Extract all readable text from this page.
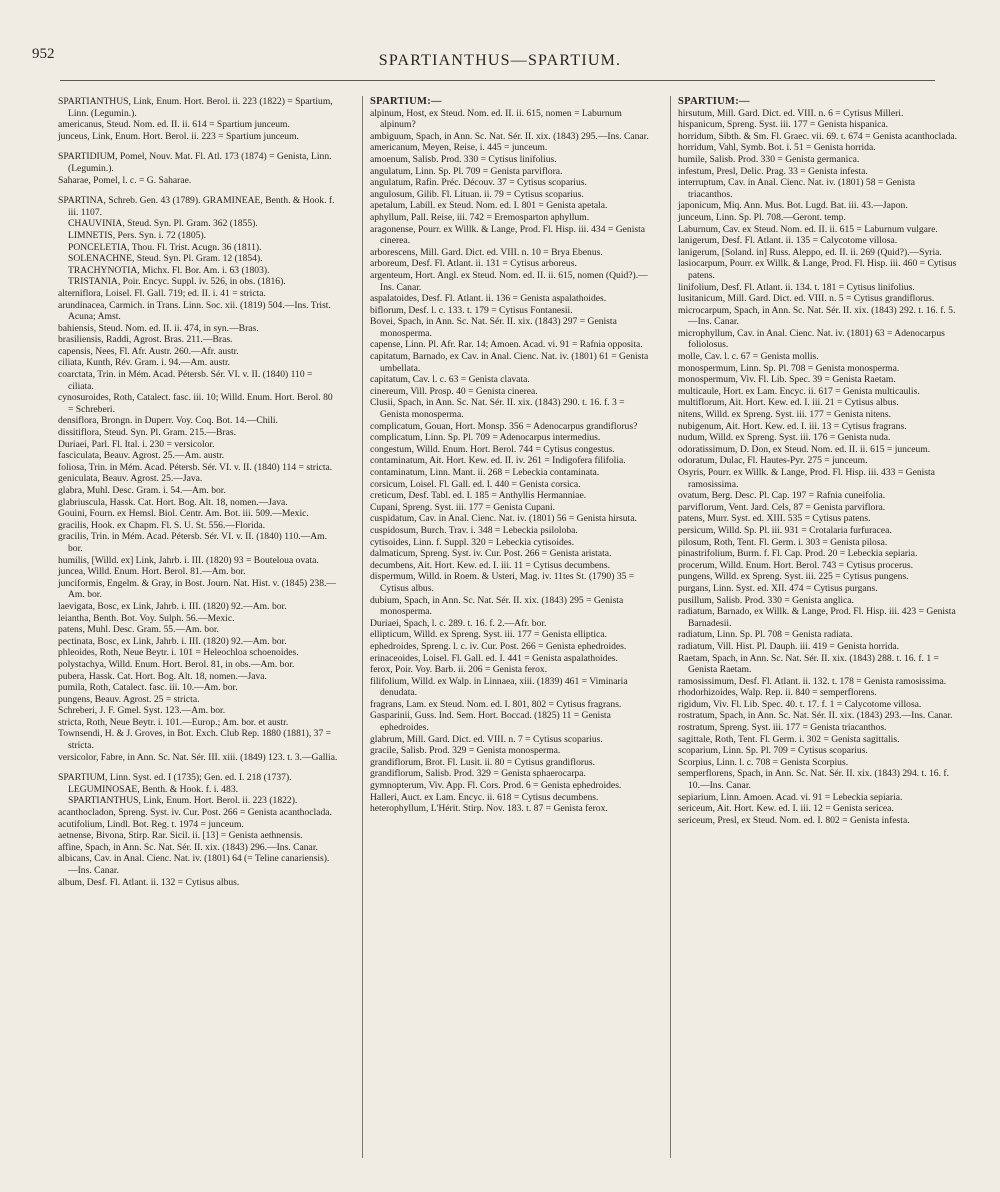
952	SPARTIANTHUS—SPARTIUM.

SPARTIANTHUS, Link, Enum. Hort. Berol. ii. 223 (1822) = Spartium, Linn. (Legumin.).

americanus, Steud. Nom. ed. II. ii. 614 = Spartium junceum.

junceus, Link, Enum. Hort. Berol. ii. 223 = Spartium junceum.

SPARTIDIUM, Pomel, Nouv. Mat. Fl. Atl. 173 (1874) = Genista, Linn. (Legumin.).

Saharae, Pomel, l. c. = G. Saharae.

SPARTINA, Schreb. Gen. 43 (1789). GRAMINEAE, Benth. & Hook. f. iii. 1107.

CHAUVINIA, Steud. Syn. Pl. Gram. 362 (1855).

LIMNETIS, Pers. Syn. i. 72 (1805).

PONCELETIA, Thou. Fl. Trist. Acugn. 36 (1811).

SOLENACHNE, Steud. Syn. Pl. Gram. 12 (1854).

TRACHYNOTIA, Michx. Fl. Bor. Am. i. 63 (1803).

TRISTANIA, Poir. Encyc. Suppl. iv. 526, in obs. (1816).

alterniflora, Loisel. Fl. Gall. 719; ed. II. i. 41 = stricta.

arundinacea, Carmich. in Trans. Linn. Soc. xii. (1819) 504.—Ins. Trist. Acuna; Amst.

bahiensis, Steud. Nom. ed. II. ii. 474, in syn.—Bras.

brasiliensis, Raddi, Agrost. Bras. 211.—Bras.

capensis, Nees, Fl. Afr. Austr. 260.—Afr. austr.

ciliata, Kunth, Rév. Gram. i. 94.—Am. austr.

coarctata, Trin. in Mém. Acad. Pétersb. Sér. VI. v. II. (1840) 110 = ciliata.

cynosuroides, Roth, Catalect. fasc. iii. 10; Willd. Enum. Hort. Berol. 80 = Schreberi.

densiflora, Brongn. in Duperr. Voy. Coq. Bot. 14.—Chili.

dissitiflora, Steud. Syn. Pl. Gram. 215.—Bras.

Duriaei, Parl. Fl. Ital. i. 230 = versicolor.

fasciculata, Beauv. Agrost. 25.—Am. austr.

foliosa, Trin. in Mém. Acad. Pétersb. Sér. VI. v. II. (1840) 114 = stricta.

geniculata, Beauv. Agrost. 25.—Java.

glabra, Muhl. Desc. Gram. i. 54.—Am. bor.

glabriuscula, Hassk. Cat. Hort. Bog. Alt. 18, nomen.—Java.

Gouini, Fourn. ex Hemsl. Biol. Centr. Am. Bot. iii. 509.—Mexic.

gracilis, Hook. ex Chapm. Fl. S. U. St. 556.—Florida.

gracilis, Trin. in Mém. Acad. Pétersb. Sér. VI. v. II. (1840) 110.—Am. bor.

humilis, [Willd. ex] Link, Jahrb. i. III. (1820) 93 = Bouteloua ovata.

juncea, Willd. Enum. Hort. Berol. 81.—Am. bor.

junciformis, Engelm. & Gray, in Bost. Journ. Nat. Hist. v. (1845) 238.—Am. bor.

laevigata, Bosc, ex Link, Jahrb. i. III. (1820) 92.—Am. bor.

leiantha, Benth. Bot. Voy. Sulph. 56.—Mexic.

patens, Muhl. Desc. Gram. 55.—Am. bor.

pectinata, Bosc, ex Link, Jahrb. i. III. (1820) 92.—Am. bor.

phleoides, Roth, Neue Beytr. i. 101 = Heleochloa schoenoides.

polystachya, Willd. Enum. Hort. Berol. 81, in obs.—Am. bor.

pubera, Hassk. Cat. Hort. Bog. Alt. 18, nomen.—Java.

pumila, Roth, Catalect. fasc. iii. 10.—Am. bor.

pungens, Beauv. Agrost. 25 = stricta.

Schreberi, J. F. Gmel. Syst. 123.—Am. bor.

stricta, Roth, Neue Beytr. i. 101.—Europ.; Am. bor. et austr.

Townsendi, H. & J. Groves, in Bot. Exch. Club Rep. 1880 (1881), 37 = stricta.

versicolor, Fabre, in Ann. Sc. Nat. Sér. III. xiii. (1849) 123. t. 3.—Gallia.

SPARTIUM, Linn. Syst. ed. I (1735); Gen. ed. I. 218 (1737). LEGUMINOSAE, Benth. & Hook. f. i. 483.

SPARTIANTHUS, Link, Enum. Hort. Berol. ii. 223 (1822).

acanthocladon, Spreng. Syst. iv. Cur. Post. 266 = Genista acanthoclada.

acutifolium, Lindl. Bot. Reg. t. 1974 = junceum.

aetnense, Bivona, Stirp. Rar. Sicil. ii. [13] = Genista aethnensis.

affine, Spach, in Ann. Sc. Nat. Sér. II. xix. (1843) 296.—Ins. Canar.

albicans, Cav. in Anal. Cienc. Nat. iv. (1801) 64 (= Teline canariensis).—Ins. Canar.

album, Desf. Fl. Atlant. ii. 132 = Cytisus albus.

SPARTIUM:—

alpinum, Host, ex Steud. Nom. ed. II. ii. 615, nomen = Laburnum alpinum?

ambiguum, Spach, in Ann. Sc. Nat. Sér. II. xix. (1843) 295.—Ins. Canar.

americanum, Meyen, Reise, i. 445 = junceum.

amoenum, Salisb. Prod. 330 = Cytisus linifolius.

angulatum, Linn. Sp. Pl. 709 = Genista parviflora.

angulatum, Rafin. Préc. Découv. 37 = Cytisus scoparius.

angulosum, Gilib. Fl. Lituan. ii. 79 = Cytisus scoparius.

apetalum, Labill. ex Steud. Nom. ed. I. 801 = Genista apetala.

aphyllum, Pall. Reise, iii. 742 = Eremosparton aphyllum.

aragonense, Pourr. ex Willk. & Lange, Prod. Fl. Hisp. iii. 434 = Genista cinerea.

arborescens, Mill. Gard. Dict. ed. VIII. n. 10 = Brya Ebenus.

arboreum, Desf. Fl. Atlant. ii. 131 = Cytisus arboreus.

argenteum, Hort. Angl. ex Steud. Nom. ed. II. ii. 615, nomen (Quid?).—Ins. Canar.

aspalatoides, Desf. Fl. Atlant. ii. 136 = Genista aspalathoides.

biflorum, Desf. l. c. 133. t. 179 = Cytisus Fontanesii.

Bovei, Spach, in Ann. Sc. Nat. Sér. II. xix. (1843) 297 = Genista monosperma.

capense, Linn. Pl. Afr. Rar. 14; Amoen. Acad. vi. 91 = Rafnia opposita.

capitatum, Barnado, ex Cav. in Anal. Cienc. Nat. iv. (1801) 61 = Genista umbellata.

capitatum, Cav. l. c. 63 = Genista clavata.

cinereum, Vill. Prosp. 40 = Genista cinerea.

Clusii, Spach, in Ann. Sc. Nat. Sér. II. xix. (1843) 290. t. 16. f. 3 = Genista monosperma.

complicatum, Gouan, Hort. Monsp. 356 = Adenocarpus grandiflorus?

complicatum, Linn. Sp. Pl. 709 = Adenocarpus intermedius.

congestum, Willd. Enum. Hort. Berol. 744 = Cytisus congestus.

contaminatum, Ait. Hort. Kew. ed. II. iv. 261 = Indigofera filifolia.

contaminatum, Linn. Mant. ii. 268 = Lebeckia contaminata.

corsicum, Loisel. Fl. Gall. ed. I. 440 = Genista corsica.

creticum, Desf. Tabl. ed. I. 185 = Anthyllis Hermanniae.

Cupani, Spreng. Syst. iii. 177 = Genista Cupani.

cuspidatum, Cav. in Anal. Cienc. Nat. iv. (1801) 56 = Genista hirsuta.

cuspidosum, Burch. Trav. i. 348 = Lebeckia psiloloba.

cytisoides, Linn. f. Suppl. 320 = Lebeckia cytisoides.

dalmaticum, Spreng. Syst. iv. Cur. Post. 266 = Genista aristata.

decumbens, Ait. Hort. Kew. ed. I. iii. 11 = Cytisus decumbens.

dispermum, Willd. in Roem. & Usteri, Mag. iv. 11tes St. (1790) 35 = Cytisus albus.

dubium, Spach, in Ann. Sc. Nat. Sér. II. xix. (1843) 295 = Genista monosperma.

Duriaei, Spach, l. c. 289. t. 16. f. 2.—Afr. bor.

ellipticum, Willd. ex Spreng. Syst. iii. 177 = Genista elliptica.

ephedroides, Spreng. l. c. iv. Cur. Post. 266 = Genista ephedroides.

erinaceoides, Loisel. Fl. Gall. ed. I. 441 = Genista aspalathoides.

ferox, Poir. Voy. Barb. ii. 206 = Genista ferox.

filifolium, Willd. ex Walp. in Linnaea, xiii. (1839) 461 = Viminaria denudata.

fragrans, Lam. ex Steud. Nom. ed. I. 801, 802 = Cytisus fragrans.

Gasparinii, Guss. Ind. Sem. Hort. Boccad. (1825) 11 = Genista ephedroides.

glabrum, Mill. Gard. Dict. ed. VIII. n. 7 = Cytisus scoparius.

gracile, Salisb. Prod. 329 = Genista monosperma.

grandiflorum, Brot. Fl. Lusit. ii. 80 = Cytisus grandiflorus.

grandiflorum, Salisb. Prod. 329 = Genista sphaerocarpa.

gymnopterum, Viv. App. Fl. Cors. Prod. 6 = Genista ephedroides.

Halleri, Auct. ex Lam. Encyc. ii. 618 = Cytisus decumbens.

heterophyllum, L'Hérit. Stirp. Nov. 183. t. 87 = Genista ferox.

SPARTIUM:—

hirsutum, Mill. Gard. Dict. ed. VIII. n. 6 = Cytisus Milleri.

hispanicum, Spreng. Syst. iii. 177 = Genista hispanica.

horridum, Sibth. & Sm. Fl. Graec. vii. 69. t. 674 = Genista acanthoclada.

horridum, Vahl, Symb. Bot. i. 51 = Genista horrida.

humile, Salisb. Prod. 330 = Genista germanica.

infestum, Presl, Delic. Prag. 33 = Genista infesta.

interruptum, Cav. in Anal. Cienc. Nat. iv. (1801) 58 = Genista triacanthos.

japonicum, Miq. Ann. Mus. Bot. Lugd. Bat. iii. 43.—Japon.

junceum, Linn. Sp. Pl. 708.—Geront. temp.

Laburnum, Cav. ex Steud. Nom. ed. II. ii. 615 = Laburnum vulgare.

lanigerum, Desf. Fl. Atlant. ii. 135 = Calycotome villosa.

lanigerum, [Soland. in] Russ. Aleppo, ed. II. ii. 269 (Quid?).—Syria.

lasiocarpum, Pourr. ex Willk. & Lange, Prod. Fl. Hisp. iii. 460 = Cytisus patens.

linifolium, Desf. Fl. Atlant. ii. 134. t. 181 = Cytisus linifolius.

lusitanicum, Mill. Gard. Dict. ed. VIII. n. 5 = Cytisus grandiflorus.

microcarpum, Spach, in Ann. Sc. Nat. Sér. II. xix. (1843) 292. t. 16. f. 5.—Ins. Canar.

microphyllum, Cav. in Anal. Cienc. Nat. iv. (1801) 63 = Adenocarpus foliolosus.

molle, Cav. l. c. 67 = Genista mollis.

monospermum, Linn. Sp. Pl. 708 = Genista monosperma.

monospermum, Viv. Fl. Lib. Spec. 39 = Genista Raetam.

multicaule, Hort. ex Lam. Encyc. ii. 617 = Genista multicaulis.

multiflorum, Ait. Hort. Kew. ed. I. iii. 21 = Cytisus albus.

nitens, Willd. ex Spreng. Syst. iii. 177 = Genista nitens.

nubigenum, Ait. Hort. Kew. ed. I. iii. 13 = Cytisus fragrans.

nudum, Willd. ex Spreng. Syst. iii. 176 = Genista nuda.

odoratissimum, D. Don, ex Steud. Nom. ed. II. ii. 615 = junceum.

odoratum, Dulac, Fl. Hautes-Pyr. 275 = junceum.

Osyris, Pourr. ex Willk. & Lange, Prod. Fl. Hisp. iii. 433 = Genista ramosissima.

ovatum, Berg. Desc. Pl. Cap. 197 = Rafnia cuneifolia.

parviflorum, Vent. Jard. Cels, 87 = Genista parviflora.

patens, Murr. Syst. ed. XIII. 535 = Cytisus patens.

persicum, Willd. Sp. Pl. iii. 931 = Crotalaria furfuracea.

pilosum, Roth, Tent. Fl. Germ. i. 303 = Genista pilosa.

pinastrifolium, Burm. f. Fl. Cap. Prod. 20 = Lebeckia sepiaria.

procerum, Willd. Enum. Hort. Berol. 743 = Cytisus procerus.

pungens, Willd. ex Spreng. Syst. iii. 225 = Cytisus pungens.

purgans, Linn. Syst. ed. XII. 474 = Cytisus purgans.

pusillum, Salisb. Prod. 330 = Genista anglica.

radiatum, Barnado, ex Willk. & Lange, Prod. Fl. Hisp. iii. 423 = Genista Barnadesii.

radiatum, Linn. Sp. Pl. 708 = Genista radiata.

radiatum, Vill. Hist. Pl. Dauph. iii. 419 = Genista horrida.

Raetam, Spach, in Ann. Sc. Nat. Sér. II. xix. (1843) 288. t. 16. f. 1 = Genista Raetam.

ramosissimum, Desf. Fl. Atlant. ii. 132. t. 178 = Genista ramosissima.

rhodorhizoides, Walp. Rep. ii. 840 = semperflorens.

rigidum, Viv. Fl. Lib. Spec. 40. t. 17. f. 1 = Calycotome villosa.

rostratum, Spach, in Ann. Sc. Nat. Sér. II. xix. (1843) 293.—Ins. Canar.

rostratum, Spreng. Syst. iii. 177 = Genista triacanthos.

sagittale, Roth, Tent. Fl. Germ. i. 302 = Genista sagittalis.

scoparium, Linn. Sp. Pl. 709 = Cytisus scoparius.

Scorpius, Linn. l. c. 708 = Genista Scorpius.

semperflorens, Spach, in Ann. Sc. Nat. Sér. II. xix. (1843) 294. t. 16. f. 10.—Ins. Canar.

sepiarium, Linn. Amoen. Acad. vi. 91 = Lebeckia sepiaria.

sericeum, Ait. Hort. Kew. ed. I. iii. 12 = Genista sericea.

sericeum, Presl, ex Steud. Nom. ed. I. 802 = Genista infesta.
